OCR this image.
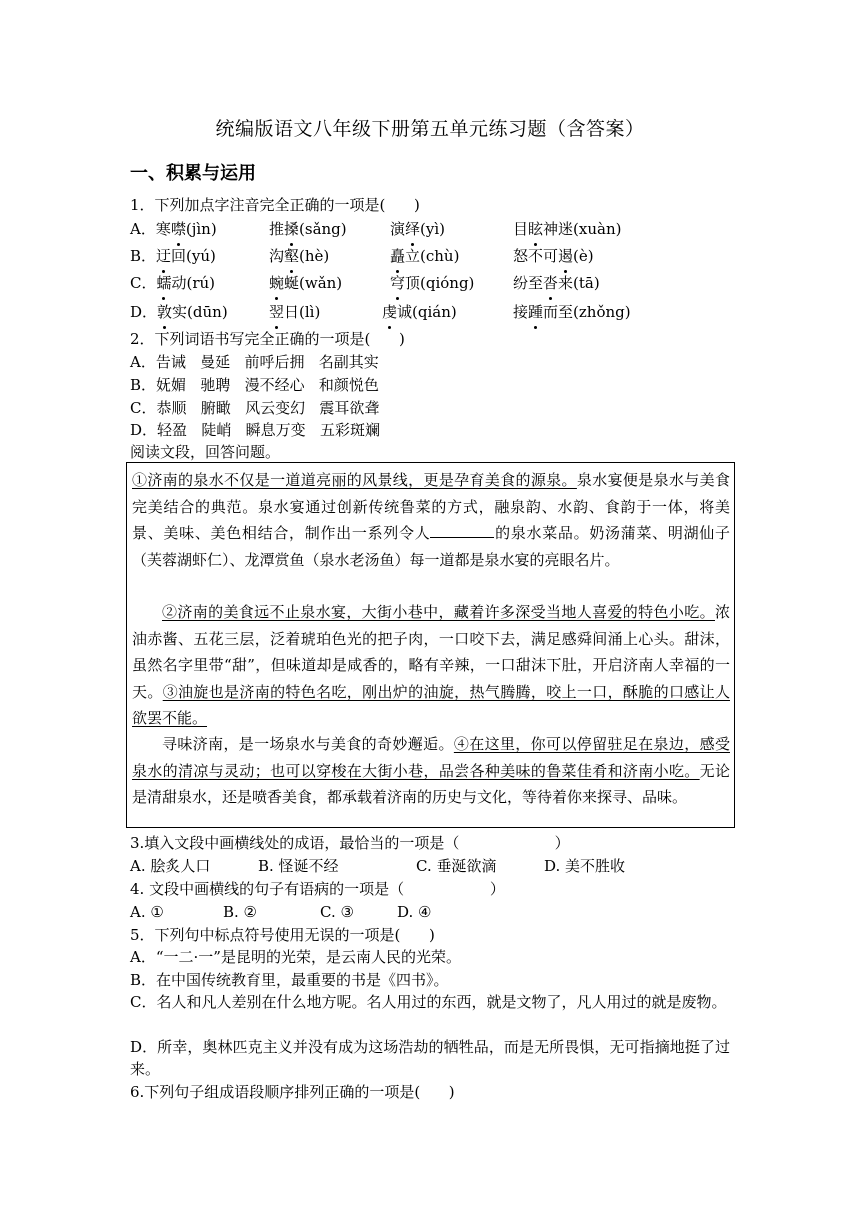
统编版语文八年级下册第五单元练习题（含答案）
一、积累与运用
1．下列加点字注音完全正确的一项是(      )
A．寒噤(jìn)	推搡(sǎng)	演绎(yì)	目眩神迷(xuàn)
B．迂回(yú)	沟壑(hè)	矗立(chù)	怒不可遏(è)
C．蠕动(rú)	蜿蜒(wǎn)	穹顶(qióng)	纷至沓来(tā)
D．敦实(dūn)	翌日(lì)	虔诚(qián)	接踵而至(zhǒng)
2．下列词语书写完全正确的一项是(      )
A．告诫   曼延   前呼后拥   名副其实
B．妩媚   驰聘   漫不经心   和颜悦色
C．恭顺   腑瞰   风云变幻   震耳欲聋
D．轻盈   陡峭   瞬息万变   五彩斑斓
阅读文段，回答问题。
①济南的泉水不仅是一道道亮丽的风景线，更是孕育美食的源泉。泉水宴便是泉水与美食完美结合的典范。泉水宴通过创新传统鲁菜的方式，融泉韵、水韵、食韵于一体，将美景、美味、美色相结合，制作出一系列令人	的泉水菜品。奶汤蒲菜、明湖仙子（芙蓉湖虾仁）、龙潭赏鱼（泉水老汤鱼）每一道都是泉水宴的亮眼名片。
②济南的美食远不止泉水宴，大街小巷中，藏着许多深受当地人喜爱的特色小吃。浓油赤酱、五花三层，泛着琥珀色光的把子肉，一口咬下去，满足感舜间涌上心头。甜沫，虽然名字里带“甜”，但味道却是咸香的，略有辛辣，一口甜沫下肚，开启济南人幸福的一天。③油旋也是济南的特色名吃，刚出炉的油旋，热气腾腾，咬上一口，酥脆的口感让人欲罢不能。
寻味济南，是一场泉水与美食的奇妙邂逅。④在这里，你可以停留驻足在泉边，感受泉水的清凉与灵动；也可以穿梭在大街小巷，品尝各种美味的鲁菜佳肴和济南小吃。无论是清甜泉水，还是喷香美食，都承载着济南的历史与文化，等待着你来探寻、品味。
3.填入文段中画横线处的成语，最恰当的一项是（                    ）
A. 脍炙人口	B. 怪诞不经	C. 垂涎欲滴	D. 美不胜收
4. 文段中画横线的句子有语病的一项是（                  ）
A. ①	B. ②	C. ③	D. ④
5．下列句中标点符号使用无误的一项是(      )
A．“一二·一”是昆明的光荣，是云南人民的光荣。
B．在中国传统教育里，最重要的书是《四书》。
C．名人和凡人差别在什么地方呢。名人用过的东西，就是文物了，凡人用过的就是废物。
D．所幸，奥林匹克主义并没有成为这场浩劫的牺牲品，而是无所畏惧，无可指摘地挺了过来。
6.下列句子组成语段顺序排列正确的一项是(      )
